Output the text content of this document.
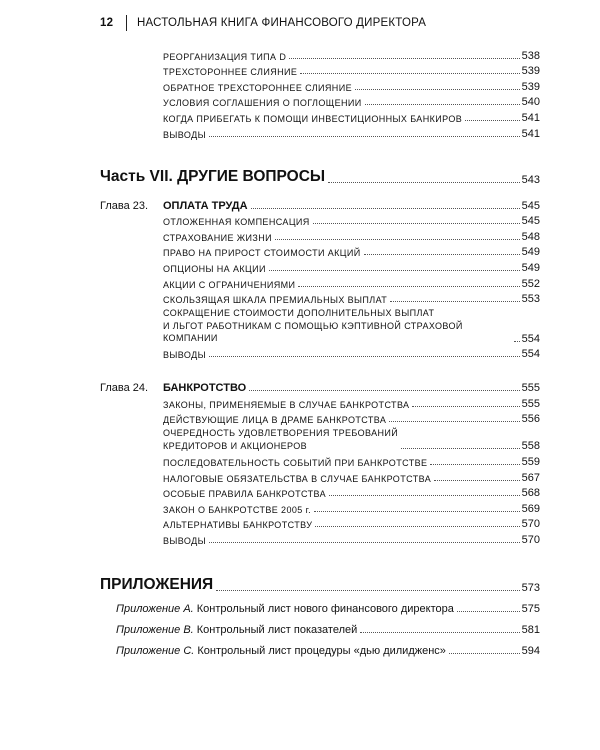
12	НАСТОЛЬНАЯ КНИГА ФИНАНСОВОГО ДИРЕКТОРА
РЕОРГАНИЗАЦИЯ ТИПА D	538
ТРЕХСТОРОННЕЕ СЛИЯНИЕ	539
ОБРАТНОЕ ТРЕХСТОРОННЕЕ СЛИЯНИЕ	539
УСЛОВИЯ СОГЛАШЕНИЯ О ПОГЛОЩЕНИИ	540
КОГДА ПРИБЕГАТЬ К ПОМОЩИ ИНВЕСТИЦИОННЫХ БАНКИРОВ	541
ВЫВОДЫ	541
Часть VII. ДРУГИЕ ВОПРОСЫ	543
Глава 23.	ОПЛАТА ТРУДА	545
ОТЛОЖЕННАЯ КОМПЕНСАЦИЯ	545
СТРАХОВАНИЕ ЖИЗНИ	548
ПРАВО НА ПРИРОСТ СТОИМОСТИ АКЦИЙ	549
ОПЦИОНЫ НА АКЦИИ	549
АКЦИИ С ОГРАНИЧЕНИЯМИ	552
СКОЛЬЗЯЩАЯ ШКАЛА ПРЕМИАЛЬНЫХ ВЫПЛАТ	553
СОКРАЩЕНИЕ СТОИМОСТИ ДОПОЛНИТЕЛЬНЫХ ВЫПЛАТ
И ЛЬГОТ РАБОТНИКАМ С ПОМОЩЬЮ КЭПТИВНОЙ СТРАХОВОЙ КОМПАНИИ	554
ВЫВОДЫ	554
Глава 24.	БАНКРОТСТВО	555
ЗАКОНЫ, ПРИМЕНЯЕМЫЕ В СЛУЧАЕ БАНКРОТСТВА	555
ДЕЙСТВУЮЩИЕ ЛИЦА В ДРАМЕ БАНКРОТСТВА	556
ОЧЕРЕДНОСТЬ УДОВЛЕТВОРЕНИЯ ТРЕБОВАНИЙ
КРЕДИТОРОВ И АКЦИОНЕРОВ	558
ПОСЛЕДОВАТЕЛЬНОСТЬ СОБЫТИЙ ПРИ БАНКРОТСТВЕ	559
НАЛОГОВЫЕ ОБЯЗАТЕЛЬСТВА В СЛУЧАЕ БАНКРОТСТВА	567
ОСОБЫЕ ПРАВИЛА БАНКРОТСТВА	568
ЗАКОН О БАНКРОТСТВЕ 2005 г.	569
АЛЬТЕРНАТИВЫ БАНКРОТСТВУ	570
ВЫВОДЫ	570
ПРИЛОЖЕНИЯ	573
Приложение А. Контрольный лист нового финансового директора	575
Приложение В. Контрольный лист показателей	581
Приложение С. Контрольный лист процедуры «дью дилидженс»	594
